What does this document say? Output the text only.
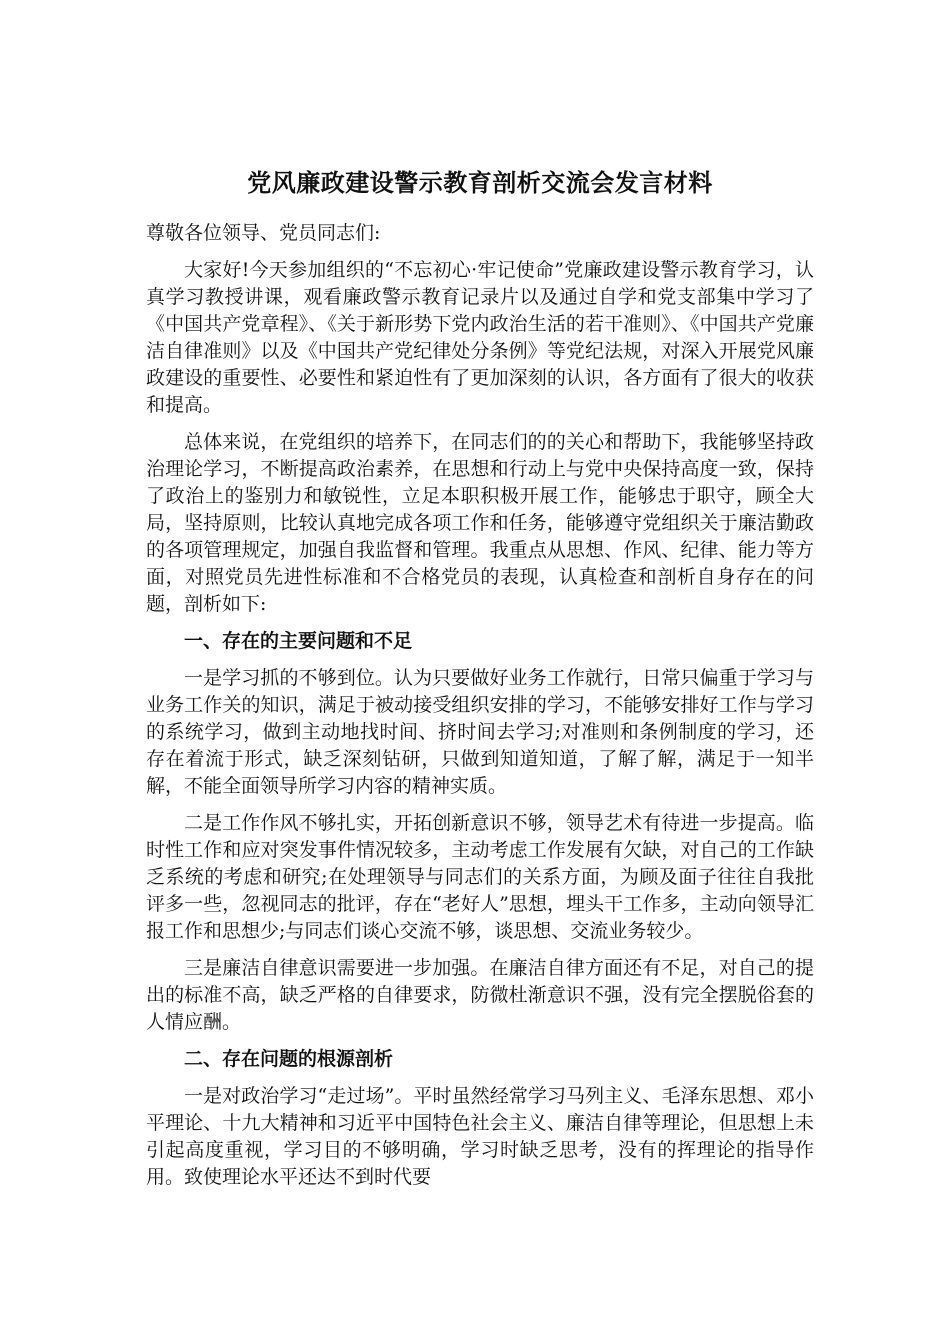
党风廉政建设警示教育剖析交流会发言材料

尊敬各位领导、党员同志们:

大家好!今天参加组织的“不忘初心·牢记使命”党廉政建设警示教育学习，认真学习教授讲课，观看廉政警示教育记录片以及通过自学和党支部集中学习了《中国共产党章程》、《关于新形势下党内政治生活的若干准则》、《中国共产党廉洁自律准则》以及《中国共产党纪律处分条例》等党纪法规，对深入开展党风廉政建设的重要性、必要性和紧迫性有了更加深刻的认识，各方面有了很大的收获和提高。

总体来说，在党组织的培养下，在同志们的的关心和帮助下，我能够坚持政治理论学习，不断提高政治素养，在思想和行动上与党中央保持高度一致，保持了政治上的鉴别力和敏锐性，立足本职积极开展工作，能够忠于职守，顾全大局，坚持原则，比较认真地完成各项工作和任务，能够遵守党组织关于廉洁勤政的各项管理规定，加强自我监督和管理。我重点从思想、作风、纪律、能力等方面，对照党员先进性标准和不合格党员的表现，认真检查和剖析自身存在的问题，剖析如下:

一、存在的主要问题和不足

一是学习抓的不够到位。认为只要做好业务工作就行，日常只偏重于学习与业务工作关的知识，满足于被动接受组织安排的学习，不能够安排好工作与学习的系统学习，做到主动地找时间、挤时间去学习;对准则和条例制度的学习，还存在着流于形式，缺乏深刻钻研，只做到知道知道，了解了解，满足于一知半解，不能全面领导所学习内容的精神实质。

二是工作作风不够扎实，开拓创新意识不够，领导艺术有待进一步提高。临时性工作和应对突发事件情况较多，主动考虑工作发展有欠缺，对自己的工作缺乏系统的考虑和研究;在处理领导与同志们的关系方面，为顾及面子往往自我批评多一些，忽视同志的批评，存在“老好人”思想，埋头干工作多，主动向领导汇报工作和思想少;与同志们谈心交流不够，谈思想、交流业务较少。

三是廉洁自律意识需要进一步加强。在廉洁自律方面还有不足，对自己的提出的标准不高，缺乏严格的自律要求，防微杜渐意识不强，没有完全摆脱俗套的人情应酬。

二、存在问题的根源剖析

一是对政治学习“走过场”。平时虽然经常学习马列主义、毛泽东思想、邓小平理论、十九大精神和习近平中国特色社会主义、廉洁自律等理论，但思想上未引起高度重视，学习目的不够明确，学习时缺乏思考，没有的挥理论的指导作用。致使理论水平还达不到时代要
